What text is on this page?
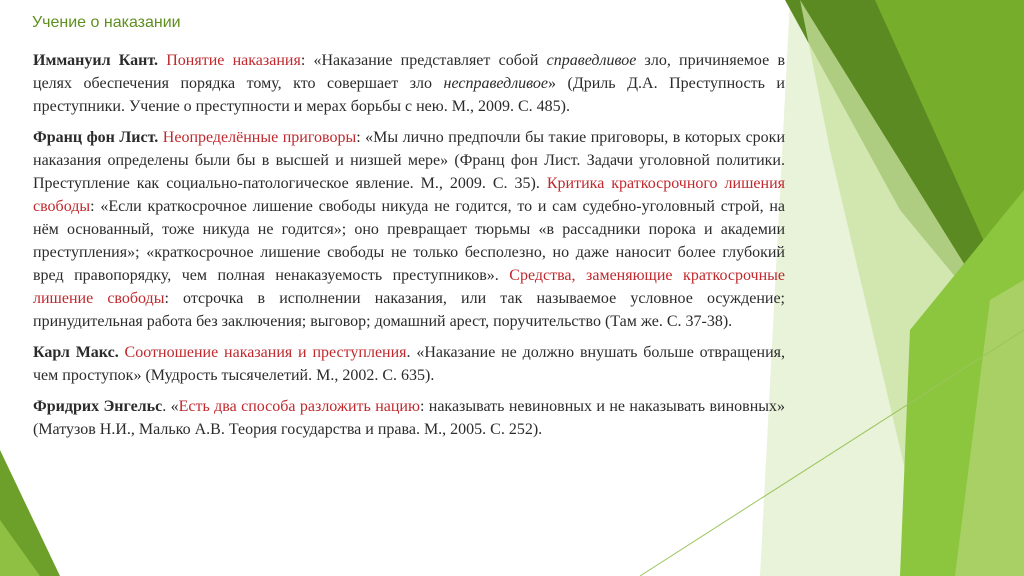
Учение о наказании

Иммануил Кант. Понятие наказания: «Наказание представляет собой справедливое зло, причиняемое в целях обеспечения порядка тому, кто совершает зло несправедливое» (Дриль Д.А. Преступность и преступники. Учение о преступности и мерах борьбы с нею. М., 2009. С. 485).

Франц фон Лист. Неопределённые приговоры: «Мы лично предпочли бы такие приговоры, в которых сроки наказания определены были бы в высшей и низшей мере» (Франц фон Лист. Задачи уголовной политики. Преступление как социально-патологическое явление. М., 2009. С. 35). Критика краткосрочного лишения свободы: «Если краткосрочное лишение свободы никуда не годится, то и сам судебно-уголовный строй, на нём основанный, тоже никуда не годится»; оно превращает тюрьмы «в рассадники порока и академии преступления»; «краткосрочное лишение свободы не только бесполезно, но даже наносит более глубокий вред правопорядку, чем полная ненаказуемость преступников». Средства, заменяющие краткосрочные лишение свободы: отсрочка в исполнении наказания, или так называемое условное осуждение; принудительная работа без заключения; выговор; домашний арест, поручительство (Там же. С. 37-38).

Карл Макс. Соотношение наказания и преступления. «Наказание не должно внушать больше отвращения, чем проступок» (Мудрость тысячелетий. М., 2002. С. 635).

Фридрих Энгельс. «Есть два способа разложить нацию: наказывать невиновных и не наказывать виновных» (Матузов Н.И., Малько А.В. Теория государства и права. М., 2005. С. 252).
